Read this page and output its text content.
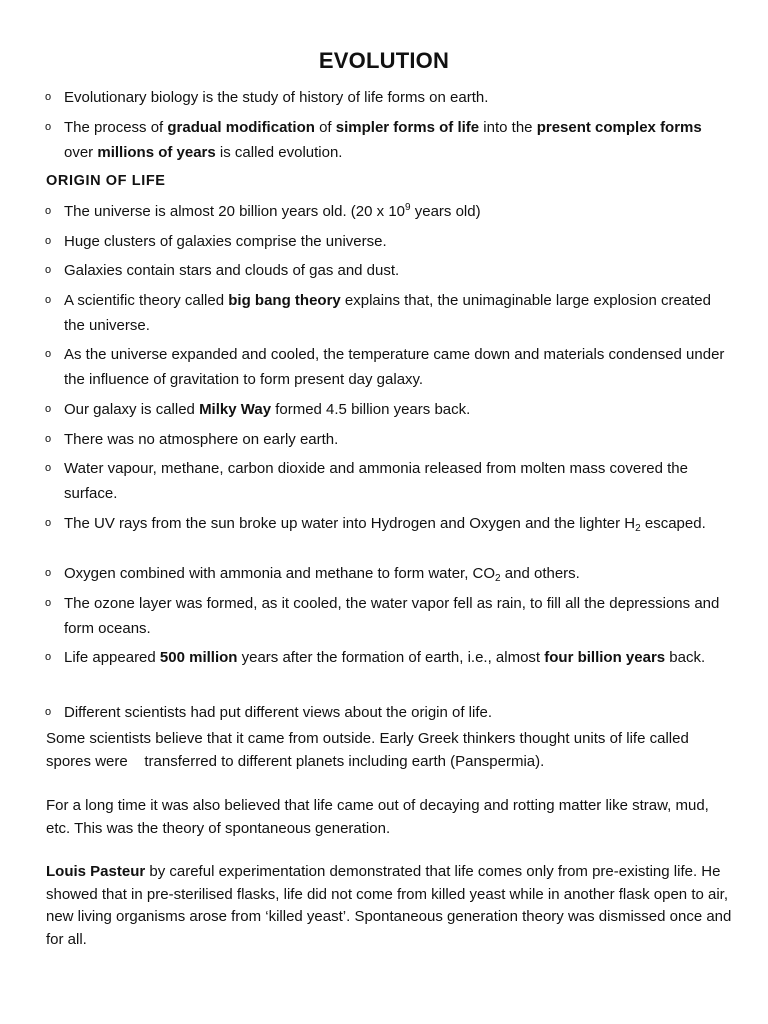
EVOLUTION
o Evolutionary biology is the study of history of life forms on earth.
o The process of gradual modification of simpler forms of life into the present complex forms over millions of years is called evolution.
ORIGIN OF LIFE
o The universe is almost 20 billion years old. (20 x $10^9$ years old)
o Huge clusters of galaxies comprise the universe.
o Galaxies contain stars and clouds of gas and dust.
o A scientific theory called big bang theory explains that, the unimaginable large explosion created the universe.
o As the universe expanded and cooled, the temperature came down and materials condensed under the influence of gravitation to form present day galaxy.
o Our galaxy is called Milky Way formed 4.5 billion years back.
o There was no atmosphere on early earth.
o Water vapour, methane, carbon dioxide and ammonia released from molten mass covered the surface.
o The UV rays from the sun broke up water into Hydrogen and Oxygen and the lighter $H_2$ escaped.
o Oxygen combined with ammonia and methane to form water, $CO_2$ and others.
o The ozone layer was formed, as it cooled, the water vapor fell as rain, to fill all the depressions and form oceans.
o Life appeared 500 million years after the formation of earth, i.e., almost four billion years back.
o Different scientists had put different views about the origin of life.
Some scientists believe that it came from outside. Early Greek thinkers thought units of life called spores were transferred to different planets including earth (Panspermia).
For a long time it was also believed that life came out of decaying and rotting matter like straw, mud, etc. This was the theory of spontaneous generation.
Louis Pasteur by careful experimentation demonstrated that life comes only from pre-existing life. He showed that in pre-sterilised flasks, life did not come from killed yeast while in another flask open to air, new living organisms arose from ‘killed yeast’. Spontaneous generation theory was dismissed once and for all.
